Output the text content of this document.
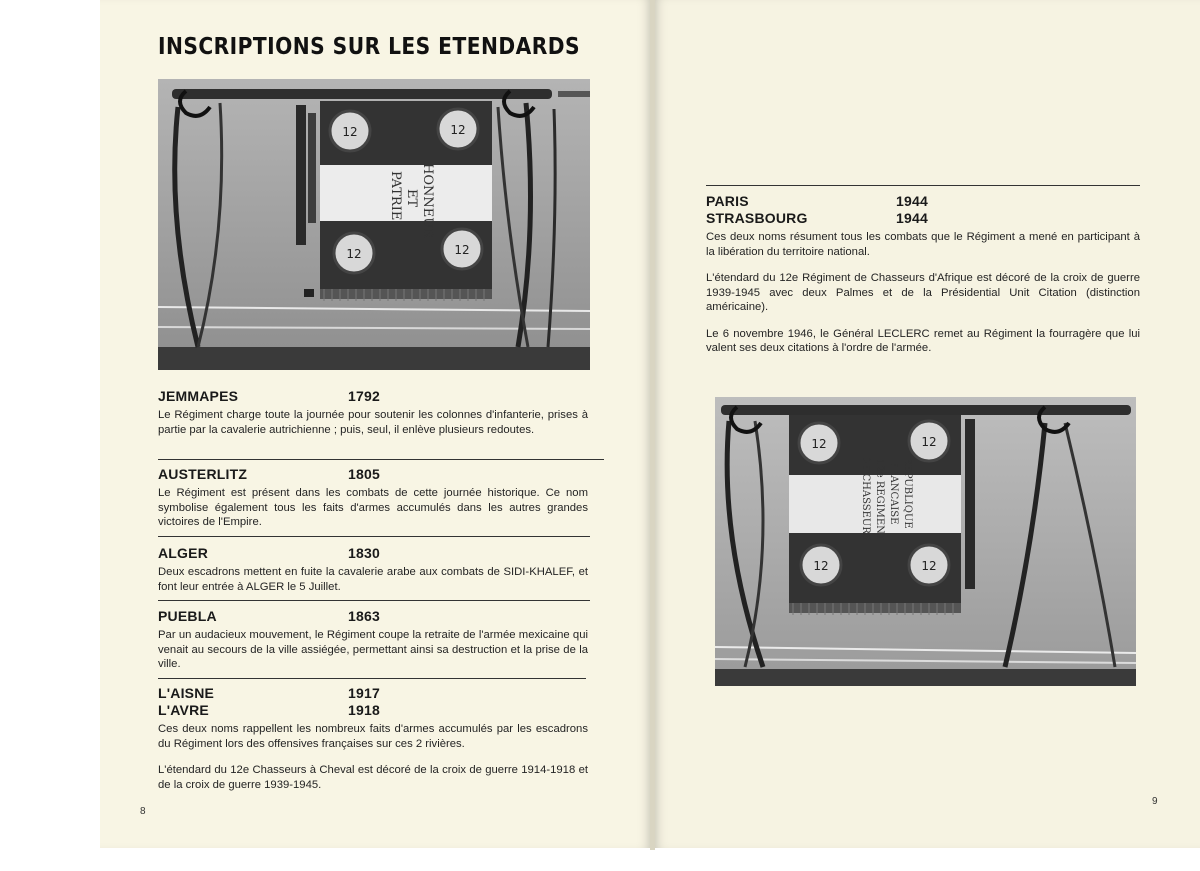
INSCRIPTIONS SUR LES ETENDARDS
12	12
12	12
HONNEUR
ET
PATRIE
JEMMAPES	1792
Le Régiment charge toute la journée pour soutenir les colonnes d'infanterie, prises à partie par la cavalerie autrichienne ; puis, seul, il enlève plusieurs redoutes.
AUSTERLITZ	1805
Le Régiment est présent dans les combats de cette journée historique. Ce nom symbolise également tous les faits d'armes accumulés dans les autres grandes victoires de l'Empire.
ALGER	1830
Deux escadrons mettent en fuite la cavalerie arabe aux combats de SIDI-KHALEF, et font leur entrée à ALGER le 5 Juillet.
PUEBLA	1863
Par un audacieux mouvement, le Régiment coupe la retraite de l'armée mexicaine qui venait au secours de la ville assiégée, permettant ainsi sa destruction et la prise de la ville.
L'AISNE	1917
L'AVRE	1918

Ces deux noms rappellent les nombreux faits d'armes accumulés par les escadrons du Régiment lors des offensives françaises sur ces 2 rivières.

L'étendard du 12e Chasseurs à Cheval est décoré de la croix de guerre 1914-1918 et de la croix de guerre 1939-1945.

8
PARIS	1944
STRASBOURG	1944

Ces deux noms résument tous les combats que le Régiment a mené en participant à la libération du territoire national.

L'étendard du 12e Régiment de Chasseurs d'Afrique est décoré de la croix de guerre 1939-1945 avec deux Palmes et de la Présidential Unit Citation (distinction américaine).

Le 6 novembre 1946, le Général LECLERC remet au Régiment la fourragère que lui valent ses deux citations à l'ordre de l'armée.

12	12
12	12
REPUBLIQUE
FRANCAISE
12e REGIMENT
DE CHASSEURS
9
